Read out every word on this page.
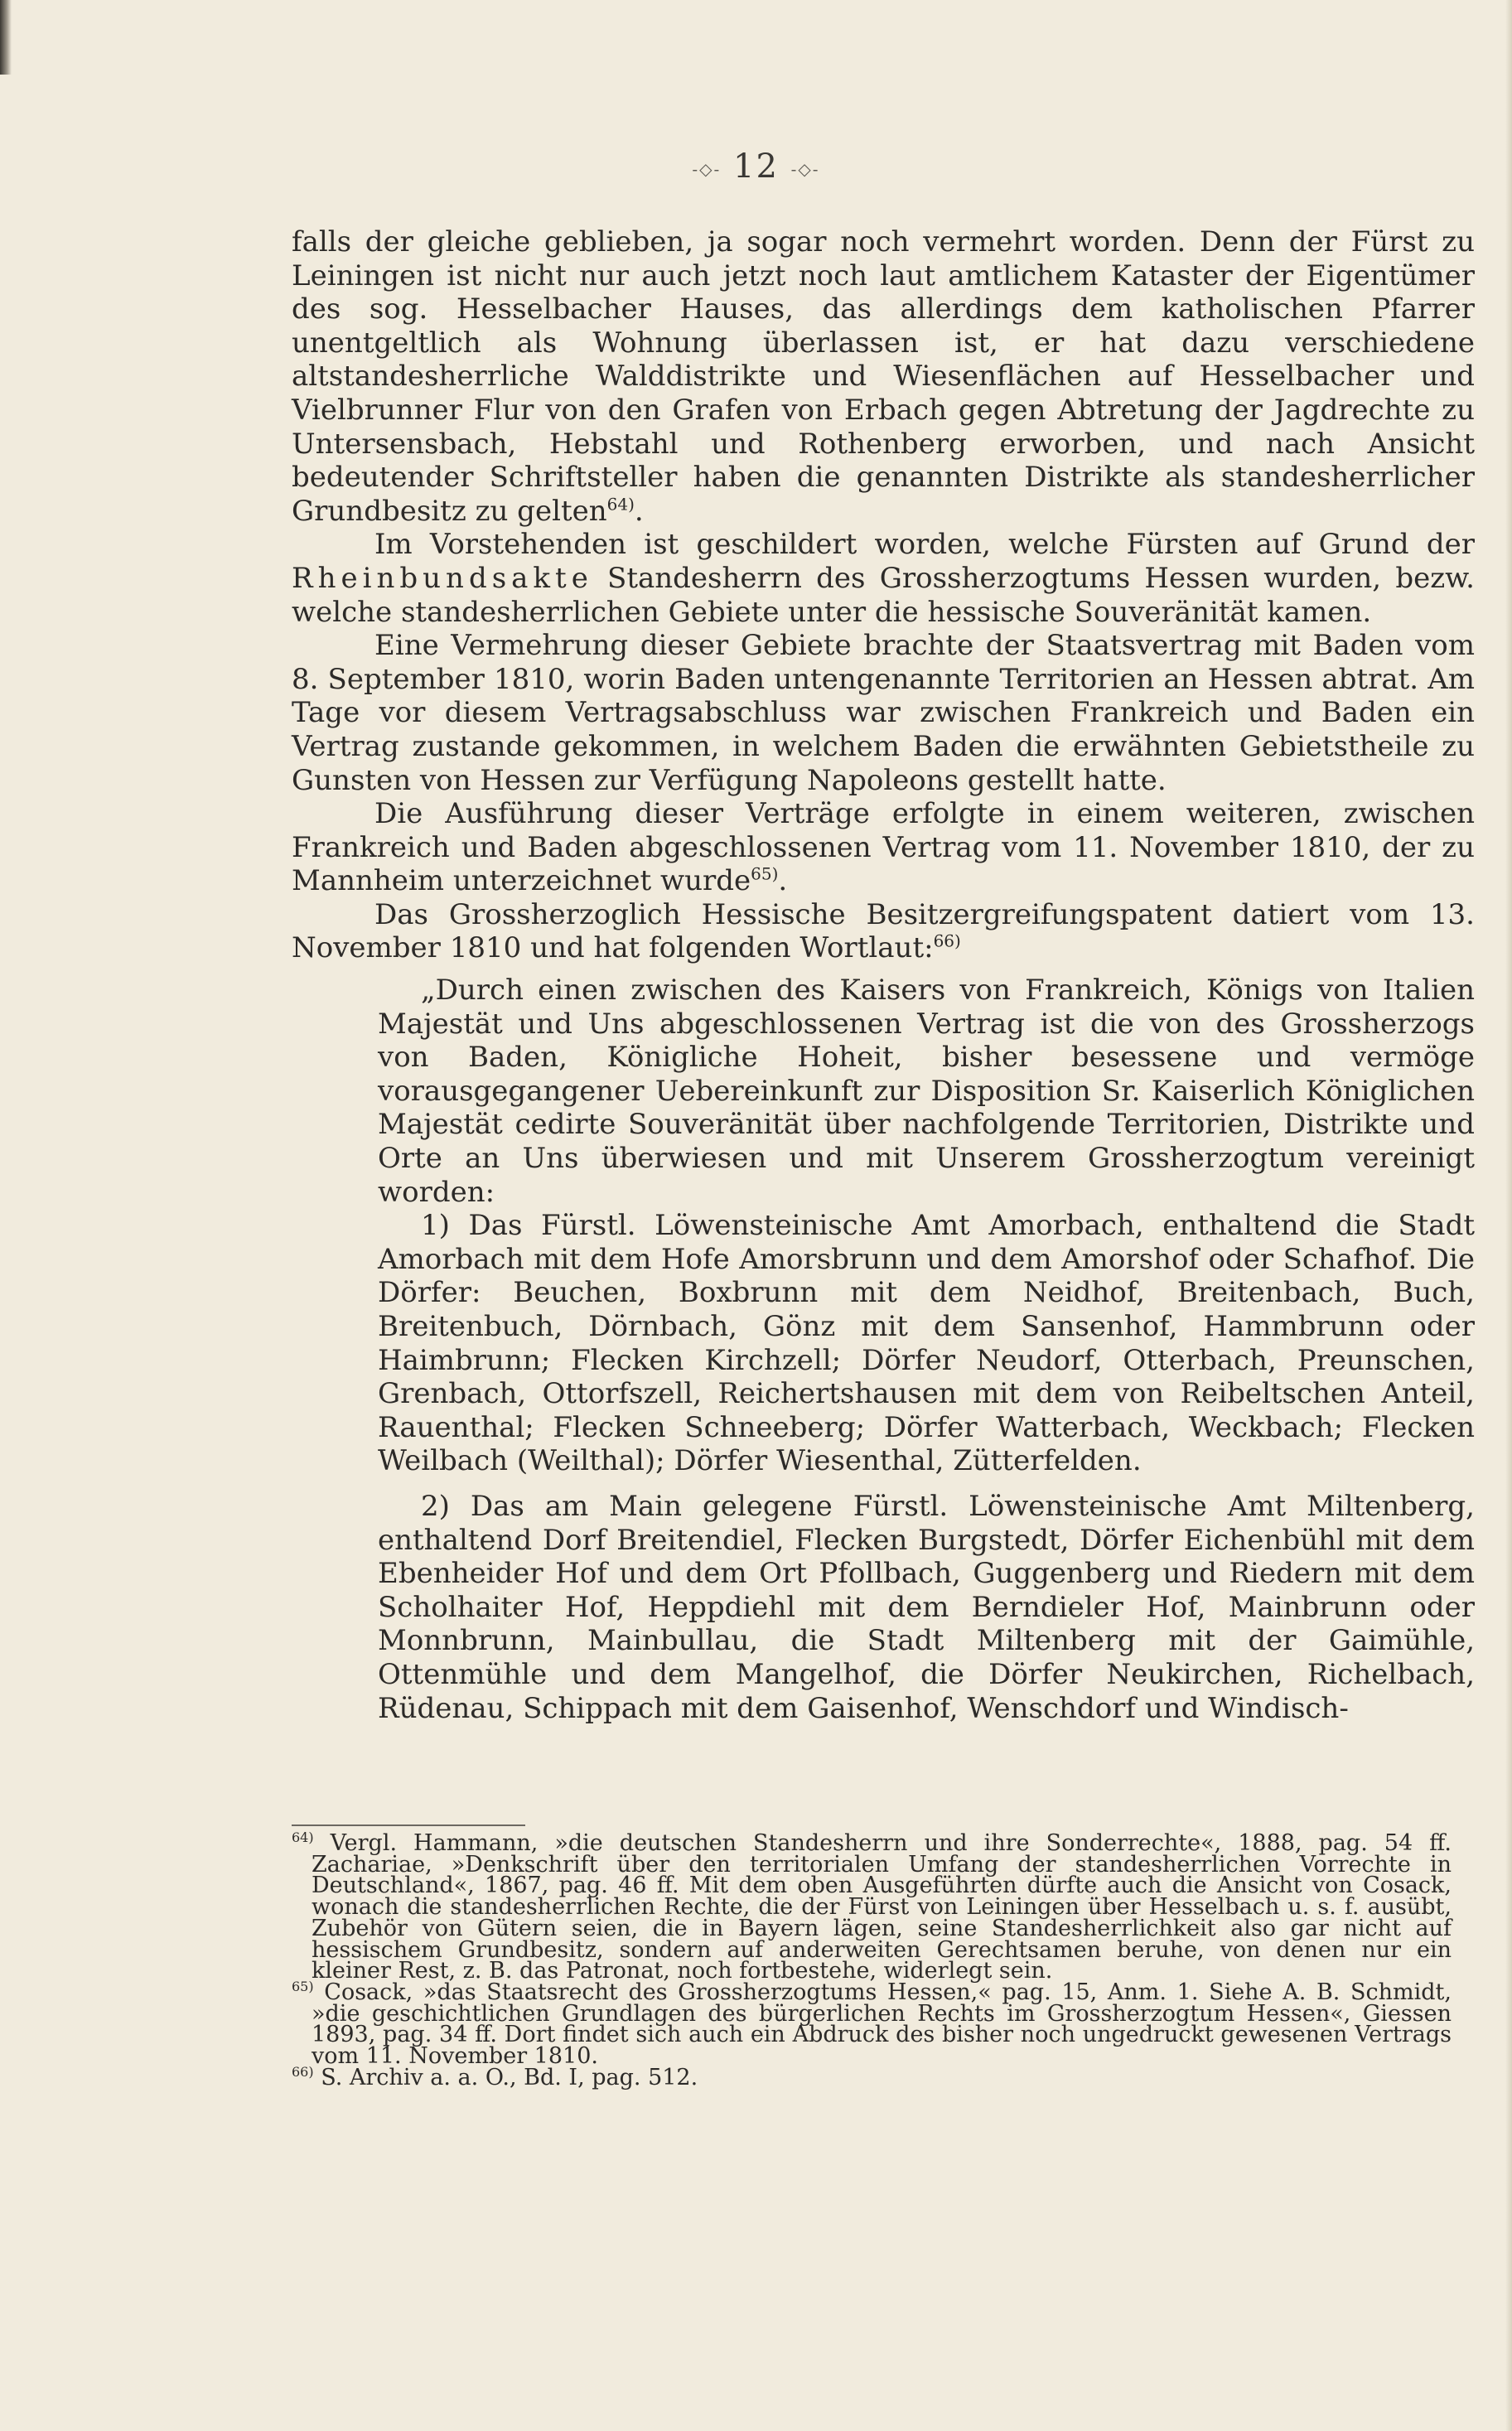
-◇- 12 -◇-

falls der gleiche geblieben, ja sogar noch vermehrt worden. Denn der Fürst zu Leiningen ist nicht nur auch jetzt noch laut amtlichem Kataster der Eigentümer des sog. Hesselbacher Hauses, das allerdings dem katholischen Pfarrer unentgeltlich als Wohnung überlassen ist, er hat dazu verschiedene altstandesherrliche Walddistrikte und Wiesenflächen auf Hesselbacher und Vielbrunner Flur von den Grafen von Erbach gegen Abtretung der Jagdrechte zu Untersensbach, Hebstahl und Rothenberg erworben, und nach Ansicht bedeutender Schriftsteller haben die genannten Distrikte als standesherrlicher Grundbesitz zu gelten$^{64)}$.

Im Vorstehenden ist geschildert worden, welche Fürsten auf Grund der Rheinbundsakte Standesherrn des Grossherzogtums Hessen wurden, bezw. welche standesherrlichen Gebiete unter die hessische Souveränität kamen.

Eine Vermehrung dieser Gebiete brachte der Staatsvertrag mit Baden vom 8. September 1810, worin Baden untengenannte Territorien an Hessen abtrat. Am Tage vor diesem Vertragsabschluss war zwischen Frankreich und Baden ein Vertrag zustande gekommen, in welchem Baden die erwähnten Gebietstheile zu Gunsten von Hessen zur Verfügung Napoleons gestellt hatte.

Die Ausführung dieser Verträge erfolgte in einem weiteren, zwischen Frankreich und Baden abgeschlossenen Vertrag vom 11. November 1810, der zu Mannheim unterzeichnet wurde$^{65)}$.

Das Grossherzoglich Hessische Besitzergreifungspatent datiert vom 13. November 1810 und hat folgenden Wortlaut:$^{66)}$

„Durch einen zwischen des Kaisers von Frankreich, Königs von Italien Majestät und Uns abgeschlossenen Vertrag ist die von des Grossherzogs von Baden, Königliche Hoheit, bisher besessene und vermöge vorausgegangener Uebereinkunft zur Disposition Sr. Kaiserlich Königlichen Majestät cedirte Souveränität über nachfolgende Territorien, Distrikte und Orte an Uns überwiesen und mit Unserem Grossherzogtum vereinigt worden:

1) Das Fürstl. Löwensteinische Amt Amorbach, enthaltend die Stadt Amorbach mit dem Hofe Amorsbrunn und dem Amorshof oder Schafhof. Die Dörfer: Beuchen, Boxbrunn mit dem Neidhof, Breitenbach, Buch, Breitenbuch, Dörnbach, Gönz mit dem Sansenhof, Hammbrunn oder Haimbrunn; Flecken Kirchzell; Dörfer Neudorf, Otterbach, Preunschen, Grenbach, Ottorfszell, Reichertshausen mit dem von Reibeltschen Anteil, Rauenthal; Flecken Schneeberg; Dörfer Watterbach, Weckbach; Flecken Weilbach (Weilthal); Dörfer Wiesenthal, Zütterfelden.

2) Das am Main gelegene Fürstl. Löwensteinische Amt Miltenberg, enthaltend Dorf Breitendiel, Flecken Burgstedt, Dörfer Eichenbühl mit dem Ebenheider Hof und dem Ort Pfollbach, Guggenberg und Riedern mit dem Scholhaiter Hof, Heppdiehl mit dem Berndieler Hof, Mainbrunn oder Monnbrunn, Mainbullau, die Stadt Miltenberg mit der Gaimühle, Ottenmühle und dem Mangelhof, die Dörfer Neukirchen, Richelbach, Rüdenau, Schippach mit dem Gaisenhof, Wenschdorf und Windisch-

$^{64)}$ Vergl. Hammann, »die deutschen Standesherrn und ihre Sonderrechte«, 1888, pag. 54 ff. Zachariae, »Denkschrift über den territorialen Umfang der standesherrlichen Vorrechte in Deutschland«, 1867, pag. 46 ff. Mit dem oben Ausgeführten dürfte auch die Ansicht von Cosack, wonach die standesherrlichen Rechte, die der Fürst von Leiningen über Hesselbach u. s. f. ausübt, Zubehör von Gütern seien, die in Bayern lägen, seine Standesherrlichkeit also gar nicht auf hessischem Grundbesitz, sondern auf anderweiten Gerechtsamen beruhe, von denen nur ein kleiner Rest, z. B. das Patronat, noch fortbestehe, widerlegt sein.

$^{65)}$ Cosack, »das Staatsrecht des Grossherzogtums Hessen,« pag. 15, Anm. 1. Siehe A. B. Schmidt, »die geschichtlichen Grundlagen des bürgerlichen Rechts im Grossherzogtum Hessen«, Giessen 1893, pag. 34 ff. Dort findet sich auch ein Abdruck des bisher noch ungedruckt gewesenen Vertrags vom 11. November 1810.

$^{66)}$ S. Archiv a. a. O., Bd. I, pag. 512.
